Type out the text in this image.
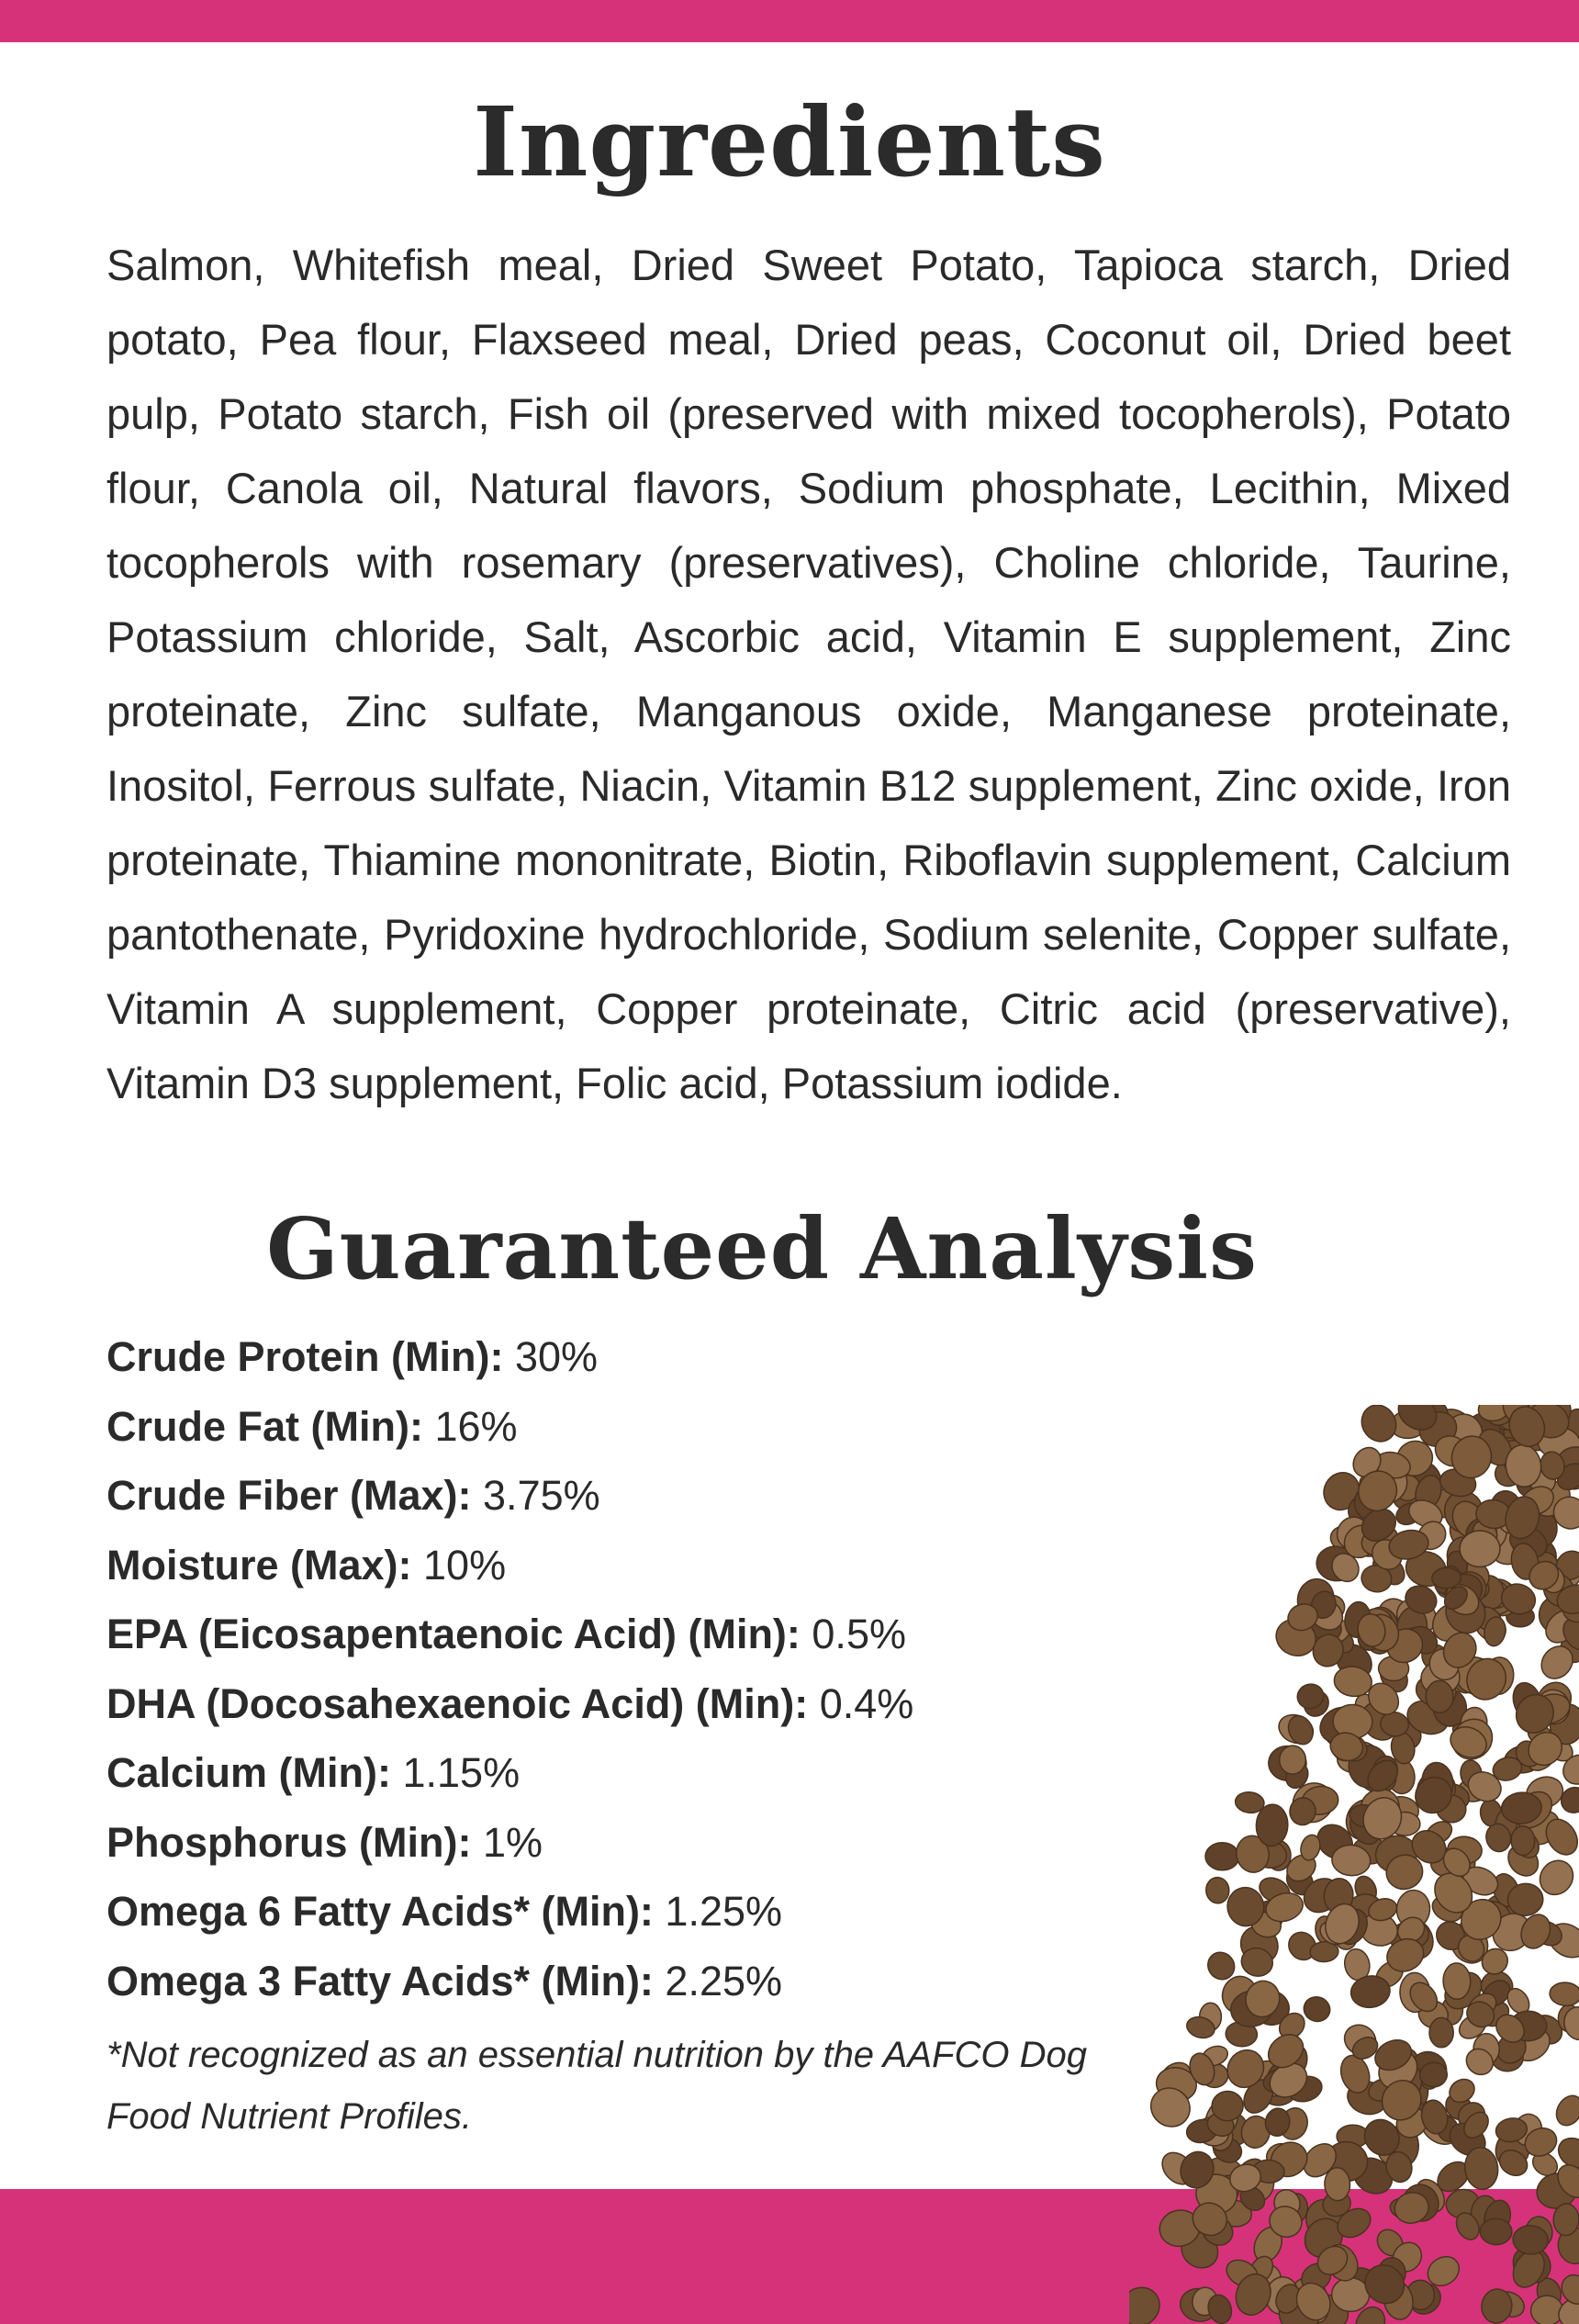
Ingredients

Salmon, Whitefish meal, Dried Sweet Potato, Tapioca starch, Dried potato, Pea flour, Flaxseed meal, Dried peas, Coconut oil, Dried beet pulp, Potato starch, Fish oil (preserved with mixed tocopherols), Potato flour, Canola oil, Natural flavors, Sodium phosphate, Lecithin, Mixed tocopherols with rosemary (preservatives), Choline chloride, Taurine, Potassium chloride, Salt, Ascorbic acid, Vitamin E supplement, Zinc proteinate, Zinc sulfate, Manganous oxide, Manganese proteinate, Inositol, Ferrous sulfate, Niacin, Vitamin B12 supplement, Zinc oxide, Iron proteinate, Thiamine mononitrate, Biotin, Riboflavin supplement, Calcium pantothenate, Pyridoxine hydrochloride, Sodium selenite, Copper sulfate, Vitamin A supplement, Copper proteinate, Citric acid (preservative), Vitamin D3 supplement, Folic acid, Potassium iodide.

Guaranteed Analysis
Crude Protein (Min): 30%
Crude Fat (Min): 16%
Crude Fiber (Max): 3.75%
Moisture (Max): 10%
EPA (Eicosapentaenoic Acid) (Min): 0.5%
DHA (Docosahexaenoic Acid) (Min): 0.4%
Calcium (Min): 1.15%
Phosphorus (Min): 1%
Omega 6 Fatty Acids* (Min): 1.25%
Omega 3 Fatty Acids* (Min): 2.25%

*Not recognized as an essential nutrition by the AAFCO Dog Food Nutrient Profiles.
